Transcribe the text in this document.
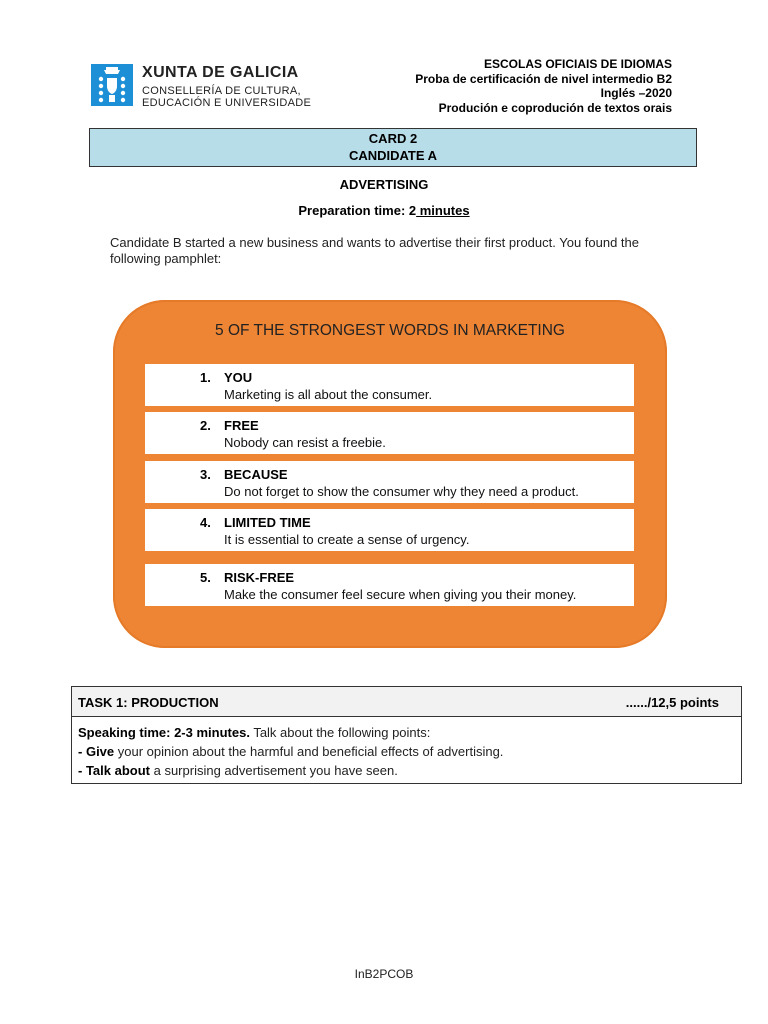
XUNTA DE GALICIA
CONSELLERÍA DE CULTURA,
EDUCACIÓN E UNIVERSIDADE
ESCOLAS OFICIAIS DE IDIOMAS
Proba de certificación de nivel intermedio B2
Inglés –2020
Produción e coprodución de textos orais
CARD 2
CANDIDATE A
ADVERTISING
Preparation time: 2 minutes
Candidate B started a new business and wants to advertise their first product. You found the following pamphlet:
5 OF THE STRONGEST WORDS IN MARKETING
1. YOU
Marketing is all about the consumer.
2. FREE
Nobody can resist a freebie.
3. BECAUSE
Do not forget to show the consumer why they need a product.
4. LIMITED TIME
It is essential to create a sense of urgency.
5. RISK-FREE
Make the consumer feel secure when giving you their money.
TASK 1: PRODUCTION	....../12,5 points
Speaking time: 2-3 minutes. Talk about the following points:
- Give your opinion about the harmful and beneficial effects of advertising.
- Talk about a surprising advertisement you have seen.
InB2PCOB
